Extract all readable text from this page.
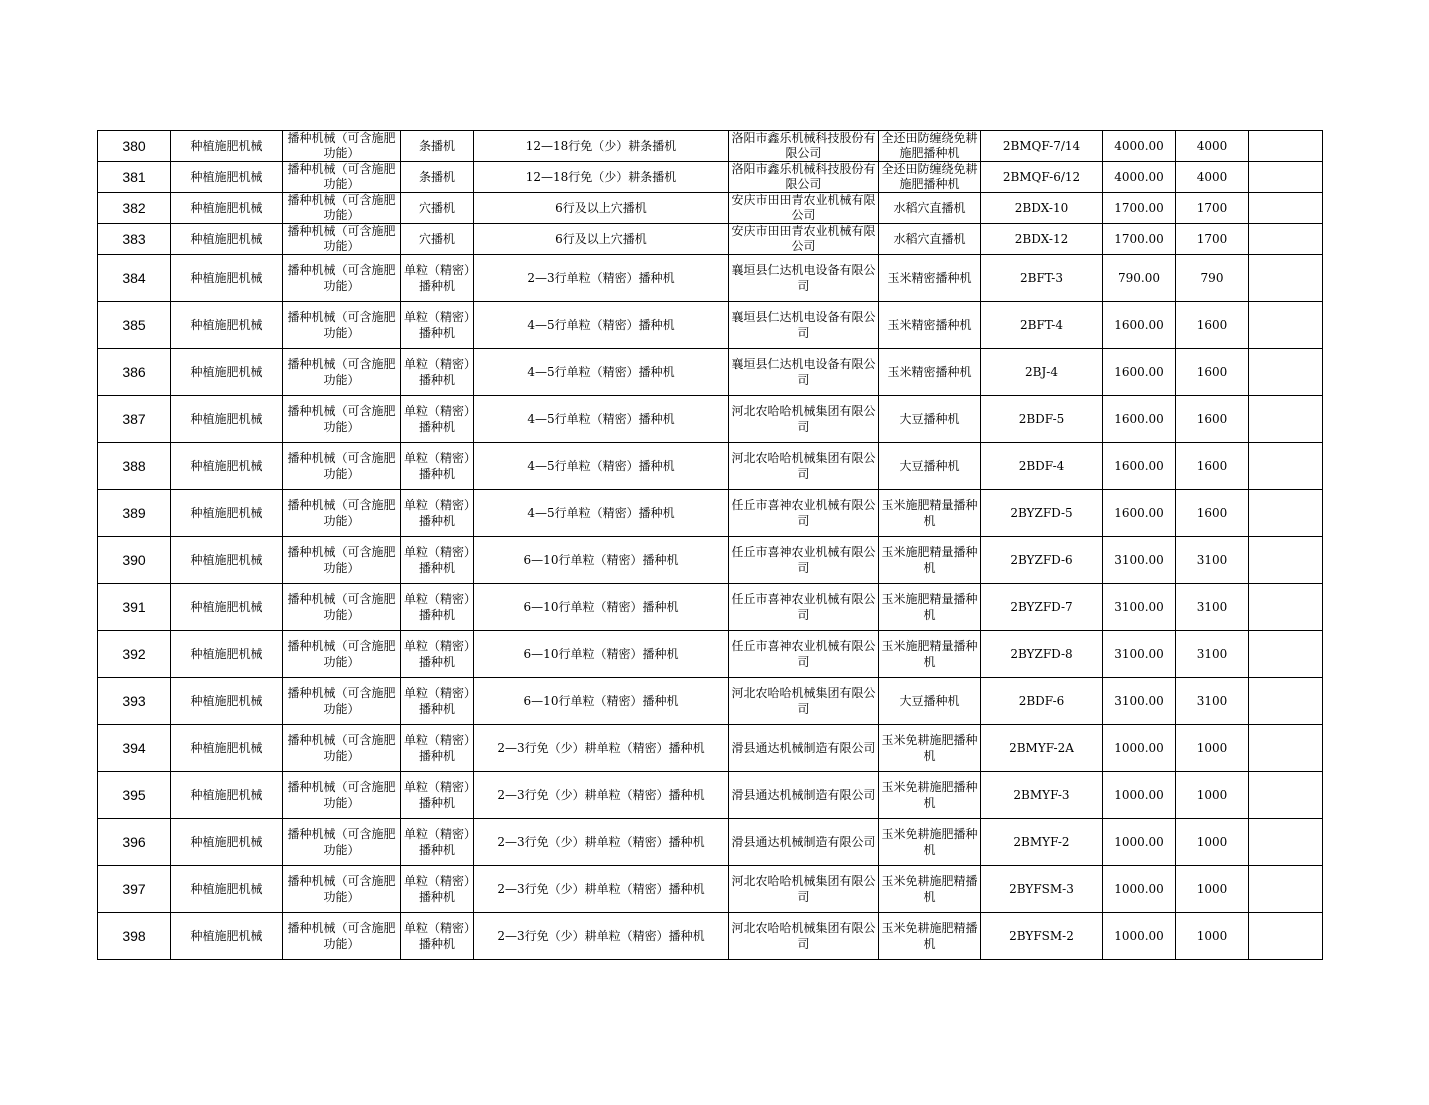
380	种植施肥机械	播种机械（可含施肥功能）	条播机	12—18行免（少）耕条播机	洛阳市鑫乐机械科技股份有限公司	全还田防缠绕免耕施肥播种机	2BMQF-7/14	4000.00	4000	
381	种植施肥机械	播种机械（可含施肥功能）	条播机	12—18行免（少）耕条播机	洛阳市鑫乐机械科技股份有限公司	全还田防缠绕免耕施肥播种机	2BMQF-6/12	4000.00	4000	
382	种植施肥机械	播种机械（可含施肥功能）	穴播机	6行及以上穴播机	安庆市田田青农业机械有限公司	水稻穴直播机	2BDX-10	1700.00	1700	
383	种植施肥机械	播种机械（可含施肥功能）	穴播机	6行及以上穴播机	安庆市田田青农业机械有限公司	水稻穴直播机	2BDX-12	1700.00	1700	
384	种植施肥机械	播种机械（可含施肥功能）	单粒（精密）播种机	2—3行单粒（精密）播种机	襄垣县仁达机电设备有限公司	玉米精密播种机	2BFT-3	790.00	790	
385	种植施肥机械	播种机械（可含施肥功能）	单粒（精密）播种机	4—5行单粒（精密）播种机	襄垣县仁达机电设备有限公司	玉米精密播种机	2BFT-4	1600.00	1600	
386	种植施肥机械	播种机械（可含施肥功能）	单粒（精密）播种机	4—5行单粒（精密）播种机	襄垣县仁达机电设备有限公司	玉米精密播种机	2BJ-4	1600.00	1600	
387	种植施肥机械	播种机械（可含施肥功能）	单粒（精密）播种机	4—5行单粒（精密）播种机	河北农哈哈机械集团有限公司	大豆播种机	2BDF-5	1600.00	1600	
388	种植施肥机械	播种机械（可含施肥功能）	单粒（精密）播种机	4—5行单粒（精密）播种机	河北农哈哈机械集团有限公司	大豆播种机	2BDF-4	1600.00	1600	
389	种植施肥机械	播种机械（可含施肥功能）	单粒（精密）播种机	4—5行单粒（精密）播种机	任丘市喜神农业机械有限公司	玉米施肥精量播种机	2BYZFD-5	1600.00	1600	
390	种植施肥机械	播种机械（可含施肥功能）	单粒（精密）播种机	6—10行单粒（精密）播种机	任丘市喜神农业机械有限公司	玉米施肥精量播种机	2BYZFD-6	3100.00	3100	
391	种植施肥机械	播种机械（可含施肥功能）	单粒（精密）播种机	6—10行单粒（精密）播种机	任丘市喜神农业机械有限公司	玉米施肥精量播种机	2BYZFD-7	3100.00	3100	
392	种植施肥机械	播种机械（可含施肥功能）	单粒（精密）播种机	6—10行单粒（精密）播种机	任丘市喜神农业机械有限公司	玉米施肥精量播种机	2BYZFD-8	3100.00	3100	
393	种植施肥机械	播种机械（可含施肥功能）	单粒（精密）播种机	6—10行单粒（精密）播种机	河北农哈哈机械集团有限公司	大豆播种机	2BDF-6	3100.00	3100	
394	种植施肥机械	播种机械（可含施肥功能）	单粒（精密）播种机	2—3行免（少）耕单粒（精密）播种机	滑县通达机械制造有限公司	玉米免耕施肥播种机	2BMYF-2A	1000.00	1000	
395	种植施肥机械	播种机械（可含施肥功能）	单粒（精密）播种机	2—3行免（少）耕单粒（精密）播种机	滑县通达机械制造有限公司	玉米免耕施肥播种机	2BMYF-3	1000.00	1000	
396	种植施肥机械	播种机械（可含施肥功能）	单粒（精密）播种机	2—3行免（少）耕单粒（精密）播种机	滑县通达机械制造有限公司	玉米免耕施肥播种机	2BMYF-2	1000.00	1000	
397	种植施肥机械	播种机械（可含施肥功能）	单粒（精密）播种机	2—3行免（少）耕单粒（精密）播种机	河北农哈哈机械集团有限公司	玉米免耕施肥精播机	2BYFSM-3	1000.00	1000	
398	种植施肥机械	播种机械（可含施肥功能）	单粒（精密）播种机	2—3行免（少）耕单粒（精密）播种机	河北农哈哈机械集团有限公司	玉米免耕施肥精播机	2BYFSM-2	1000.00	1000	
